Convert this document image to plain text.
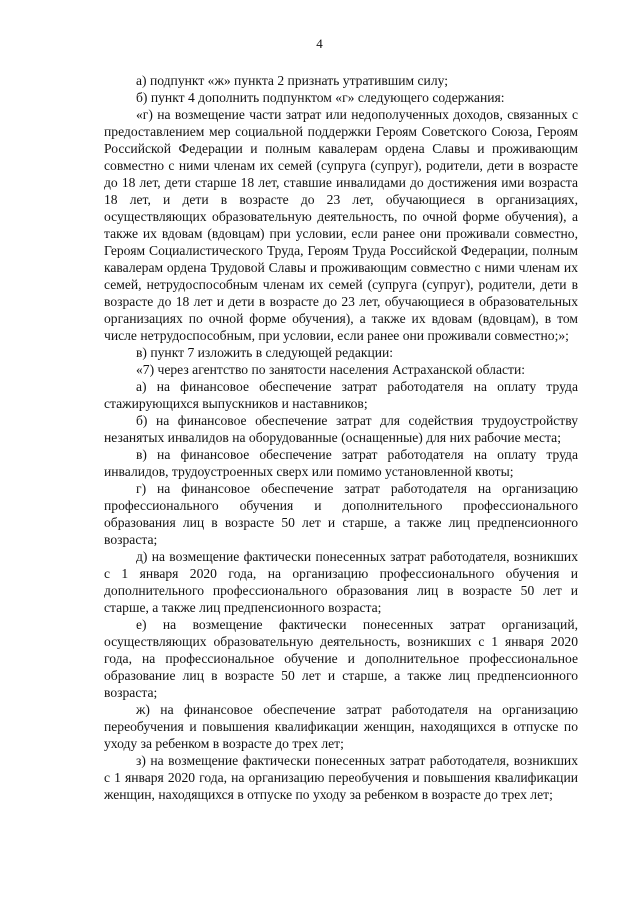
4

а) подпункт «ж» пункта 2 признать утратившим силу;

б) пункт 4 дополнить подпунктом «г» следующего содержания:

«г) на возмещение части затрат или недополученных доходов, связанных с предоставлением мер социальной поддержки Героям Советского Союза, Героям Российской Федерации и полным кавалерам ордена Славы и проживающим совместно с ними членам их семей (супруга (супруг), родители, дети в возрасте до 18 лет, дети старше 18 лет, ставшие инвалидами до достижения ими возраста 18 лет, и дети в возрасте до 23 лет, обучающиеся в организациях, осуществляющих образовательную деятельность, по очной форме обучения), а также их вдовам (вдовцам) при условии, если ранее они проживали совместно, Героям Социалистического Труда, Героям Труда Российской Федерации, полным кавалерам ордена Трудовой Славы и проживающим совместно с ними членам их семей, нетрудоспособным членам их семей (супруга (супруг), родители, дети в возрасте до 18 лет и дети в возрасте до 23 лет, обучающиеся в образовательных организациях по очной форме обучения), а также их вдовам (вдовцам), в том числе нетрудоспособным, при условии, если ранее они проживали совместно;»;

в) пункт 7 изложить в следующей редакции:

«7) через агентство по занятости населения Астраханской области:

а) на финансовое обеспечение затрат работодателя на оплату труда стажирующихся выпускников и наставников;

б) на финансовое обеспечение затрат для содействия трудоустройству незанятых инвалидов на оборудованные (оснащенные) для них рабочие места;

в) на финансовое обеспечение затрат работодателя на оплату труда инвалидов, трудоустроенных сверх или помимо установленной квоты;

г) на финансовое обеспечение затрат работодателя на организацию профессионального обучения и дополнительного профессионального образования лиц в возрасте 50 лет и старше, а также лиц предпенсионного возраста;

д) на возмещение фактически понесенных затрат работодателя, возникших с 1 января 2020 года, на организацию профессионального обучения и дополнительного профессионального образования лиц в возрасте 50 лет и старше, а также лиц предпенсионного возраста;

е) на возмещение фактически понесенных затрат организаций, осуществляющих образовательную деятельность, возникших с 1 января 2020 года, на профессиональное обучение и дополнительное профессиональное образование лиц в возрасте 50 лет и старше, а также лиц предпенсионного возраста;

ж) на финансовое обеспечение затрат работодателя на организацию переобучения и повышения квалификации женщин, находящихся в отпуске по уходу за ребенком в возрасте до трех лет;

з) на возмещение фактически понесенных затрат работодателя, возникших с 1 января 2020 года, на организацию переобучения и повышения квалификации женщин, находящихся в отпуске по уходу за ребенком в возрасте до трех лет;
